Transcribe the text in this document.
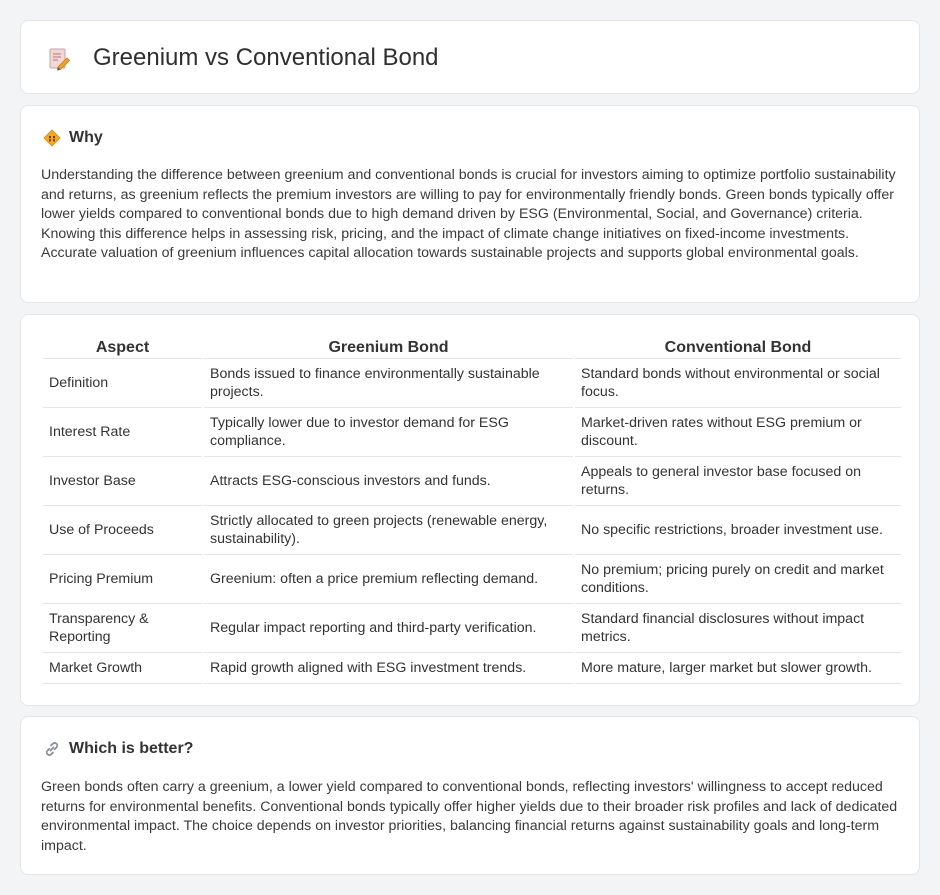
Greenium vs Conventional Bond
Why

Understanding the difference between greenium and conventional bonds is crucial for investors aiming to optimize portfolio sustainability and returns, as greenium reflects the premium investors are willing to pay for environmentally friendly bonds. Green bonds typically offer lower yields compared to conventional bonds due to high demand driven by ESG (Environmental, Social, and Governance) criteria. Knowing this difference helps in assessing risk, pricing, and the impact of climate change initiatives on fixed-income investments. Accurate valuation of greenium influences capital allocation towards sustainable projects and supports global environmental goals.

Aspect	Greenium Bond	Conventional Bond
Definition	Bonds issued to finance environmentally sustainable projects.	Standard bonds without environmental or social focus.
Interest Rate	Typically lower due to investor demand for ESG compliance.	Market-driven rates without ESG premium or discount.
Investor Base	Attracts ESG-conscious investors and funds.	Appeals to general investor base focused on returns.
Use of Proceeds	Strictly allocated to green projects (renewable energy, sustainability).	No specific restrictions, broader investment use.
Pricing Premium	Greenium: often a price premium reflecting demand.	No premium; pricing purely on credit and market conditions.
Transparency & Reporting	Regular impact reporting and third-party verification.	Standard financial disclosures without impact metrics.
Market Growth	Rapid growth aligned with ESG investment trends.	More mature, larger market but slower growth.
Which is better?

Green bonds often carry a greenium, a lower yield compared to conventional bonds, reflecting investors' willingness to accept reduced returns for environmental benefits. Conventional bonds typically offer higher yields due to their broader risk profiles and lack of dedicated environmental impact. The choice depends on investor priorities, balancing financial returns against sustainability goals and long-term impact.
